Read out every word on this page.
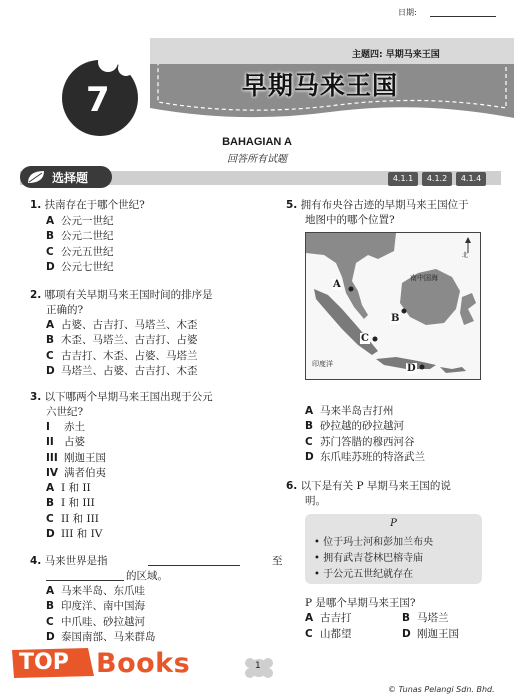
日期:
主题四: 早期马来王国
早期马来王国
7
BAHAGIAN A
回答所有试题
选择题	4.1.1	4.1.2	4.1.4
1. 扶南存在于哪个世纪?
A 公元一世纪
B 公元二世纪
C 公元五世纪
D 公元七世纪
2. 哪项有关早期马来王国时间的排序是
正确的?
A 占婆、古吉打、马塔兰、木歪
B 木歪、马塔兰、古吉打、占婆
C 古吉打、木歪、占婆、马塔兰
D 马塔兰、占婆、古吉打、木歪
3. 以下哪两个早期马来王国出现于公元
六世纪?
I 赤土
II 占婆
III 刚迦王国
IV 满者伯夷
A I 和 II
B I 和 III
C II 和 III
D III 和 IV
4. 马来世界是指	至
的区域。
A 马来半岛、东爪哇
B 印度洋、南中国海
C 中爪哇、砂拉越河
D 泰国南部、马来群岛
5. 拥有布央谷古迹的早期马来王国位于
地图中的哪个位置?
北
南中国海
印度洋
A
B
C
D
A 马来半岛吉打州
B 砂拉越的砂拉越河
C 苏门答腊的穆西河谷
D 东爪哇苏班的特洛武兰
6. 以下是有关 P 早期马来王国的说
明。
P
• 位于玛士河和彭加兰布央
• 拥有武吉苍林巴榕寺庙
• 于公元五世纪就存在
P 是哪个早期马来王国?
A 古吉打	B 马塔兰
C 山都望	D 刚迦王国
1
© Tunas Pelangi Sdn. Bhd.
TOP Books
